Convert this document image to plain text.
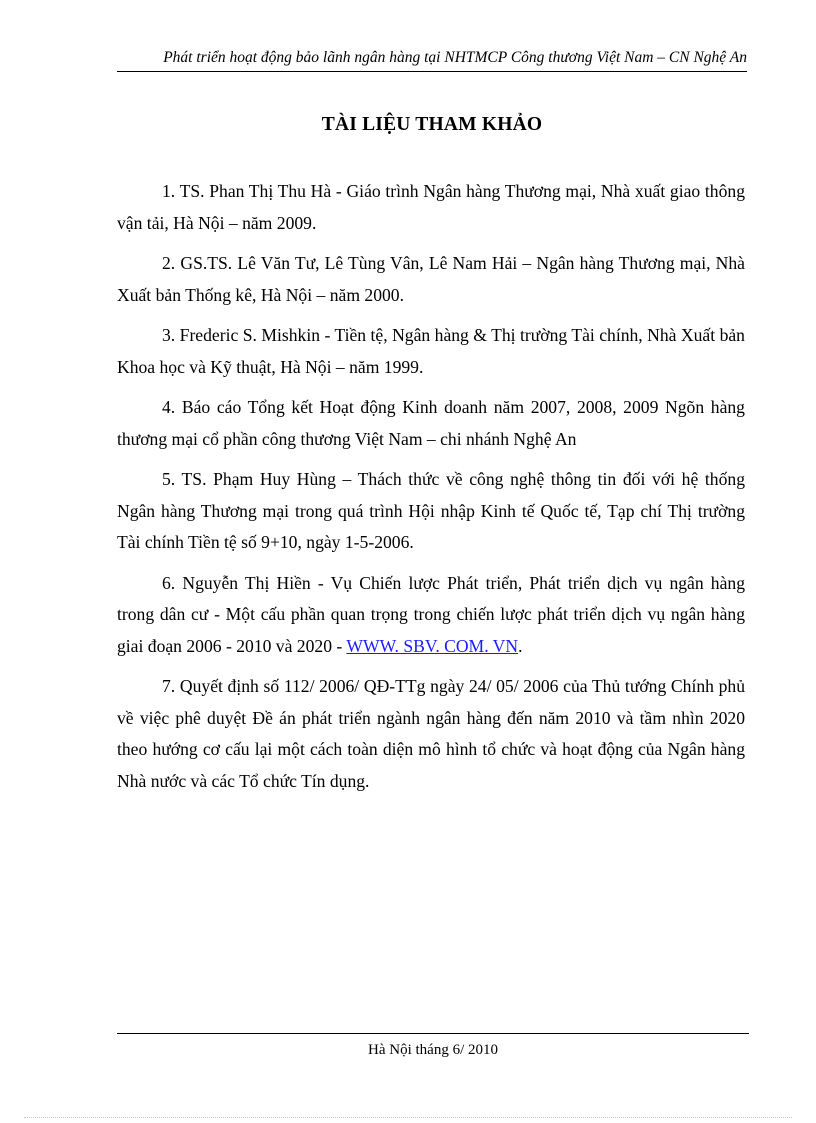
Phát triển hoạt động bảo lãnh ngân hàng tại NHTMCP Công thương Việt Nam – CN Nghệ An
TÀI LIỆU THAM KHẢO
1. TS. Phan Thị Thu Hà - Giáo trình Ngân hàng Thương mại, Nhà xuất giao thông vận tải, Hà Nội – năm 2009.
2. GS.TS. Lê Văn Tư, Lê Tùng Vân, Lê Nam Hải – Ngân hàng Thương mại, Nhà Xuất bản Thống kê, Hà Nội – năm 2000.
3. Frederic S. Mishkin - Tiền tệ, Ngân hàng & Thị trường Tài chính, Nhà Xuất bản Khoa học và Kỹ thuật, Hà Nội – năm 1999.
4. Báo cáo Tổng kết Hoạt động Kinh doanh năm 2007, 2008, 2009 Ngõn hàng thương mại cổ phần công thương Việt Nam – chi nhánh Nghệ An
5. TS. Phạm Huy Hùng – Thách thức về công nghệ thông tin đối với hệ thống Ngân hàng Thương mại trong quá trình Hội nhập Kinh tế Quốc tế, Tạp chí Thị trường Tài chính Tiền tệ số 9+10, ngày 1-5-2006.
6. Nguyễn Thị Hiền - Vụ Chiến lược Phát triển, Phát triển dịch vụ ngân hàng trong dân cư - Một cấu phần quan trọng trong chiến lược phát triển dịch vụ ngân hàng giai đoạn 2006 - 2010 và 2020 - WWW. SBV. COM. VN.
7. Quyết định số 112/ 2006/ QĐ-TTg ngày 24/ 05/ 2006 của Thủ tướng Chính phủ về việc phê duyệt Đề án phát triển ngành ngân hàng đến năm 2010 và tầm nhìn 2020 theo hướng cơ cấu lại một cách toàn diện mô hình tổ chức và hoạt động của Ngân hàng Nhà nước và các Tổ chức Tín dụng.
Hà Nội tháng 6/ 2010
